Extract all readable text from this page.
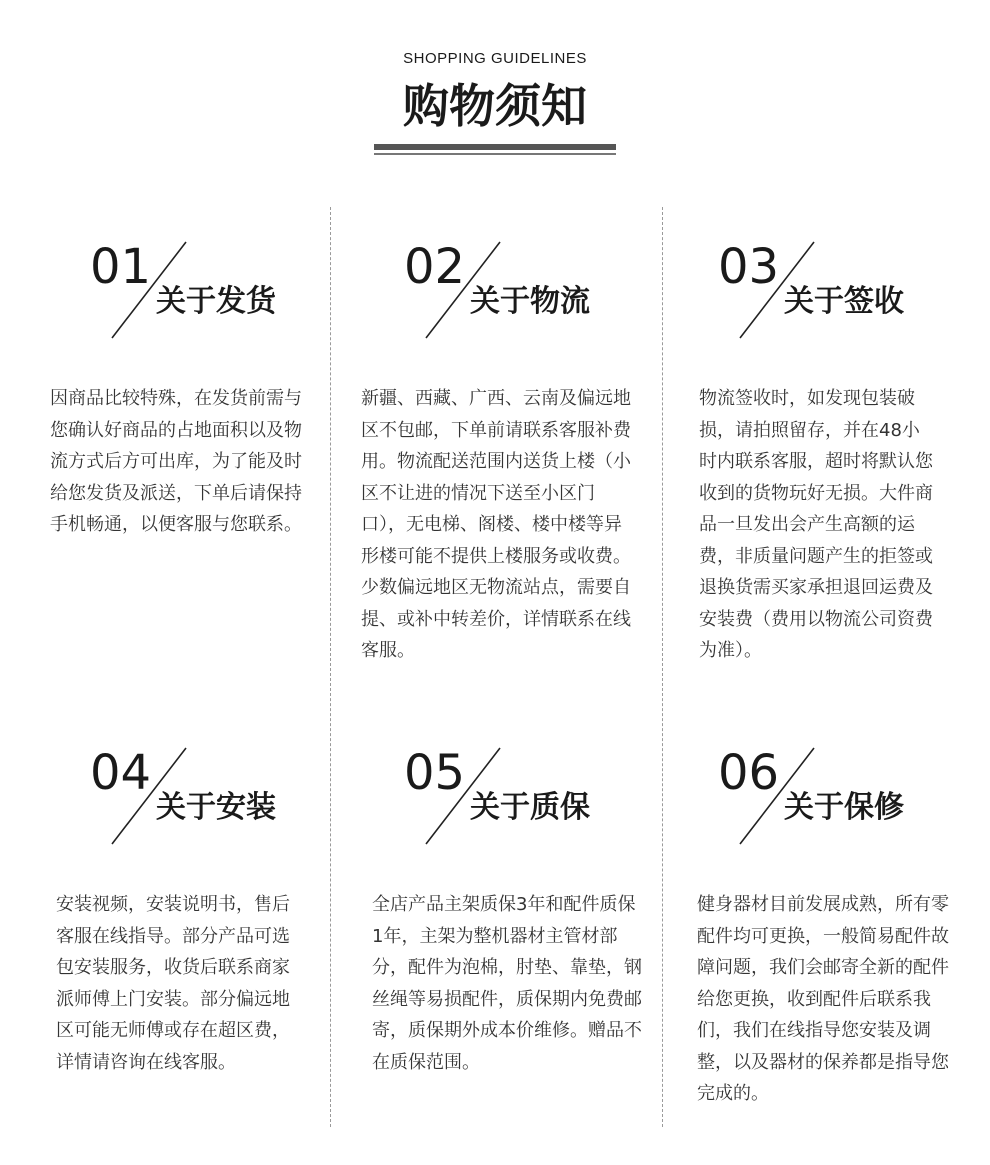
SHOPPING GUIDELINES
购物须知
01
关于发货
因商品比较特殊，在发货前需与您确认好商品的占地面积以及物流方式后方可出库，为了能及时给您发货及派送，下单后请保持手机畅通，以便客服与您联系。
02
关于物流
新疆、西藏、广西、云南及偏远地区不包邮，下单前请联系客服补费用。物流配送范围内送货上楼（小区不让进的情况下送至小区门口），无电梯、阁楼、楼中楼等异形楼可能不提供上楼服务或收费。少数偏远地区无物流站点，需要自提、或补中转差价，详情联系在线客服。
03
关于签收
物流签收时，如发现包装破损，请拍照留存，并在48小时内联系客服，超时将默认您收到的货物玩好无损。大件商品一旦发出会产生高额的运费，非质量问题产生的拒签或退换货需买家承担退回运费及安装费（费用以物流公司资费为准）。
04
关于安装
安装视频，安装说明书，售后客服在线指导。部分产品可选包安装服务，收货后联系商家派师傅上门安装。部分偏远地区可能无师傅或存在超区费，详情请咨询在线客服。
05
关于质保
全店产品主架质保3年和配件质保1年，主架为整机器材主管材部分，配件为泡棉，肘垫、靠垫，钢丝绳等易损配件，质保期内免费邮寄，质保期外成本价维修。赠品不在质保范围。
06
关于保修
健身器材目前发展成熟，所有零配件均可更换，一般简易配件故障问题，我们会邮寄全新的配件给您更换，收到配件后联系我们，我们在线指导您安装及调整，以及器材的保养都是指导您完成的。
